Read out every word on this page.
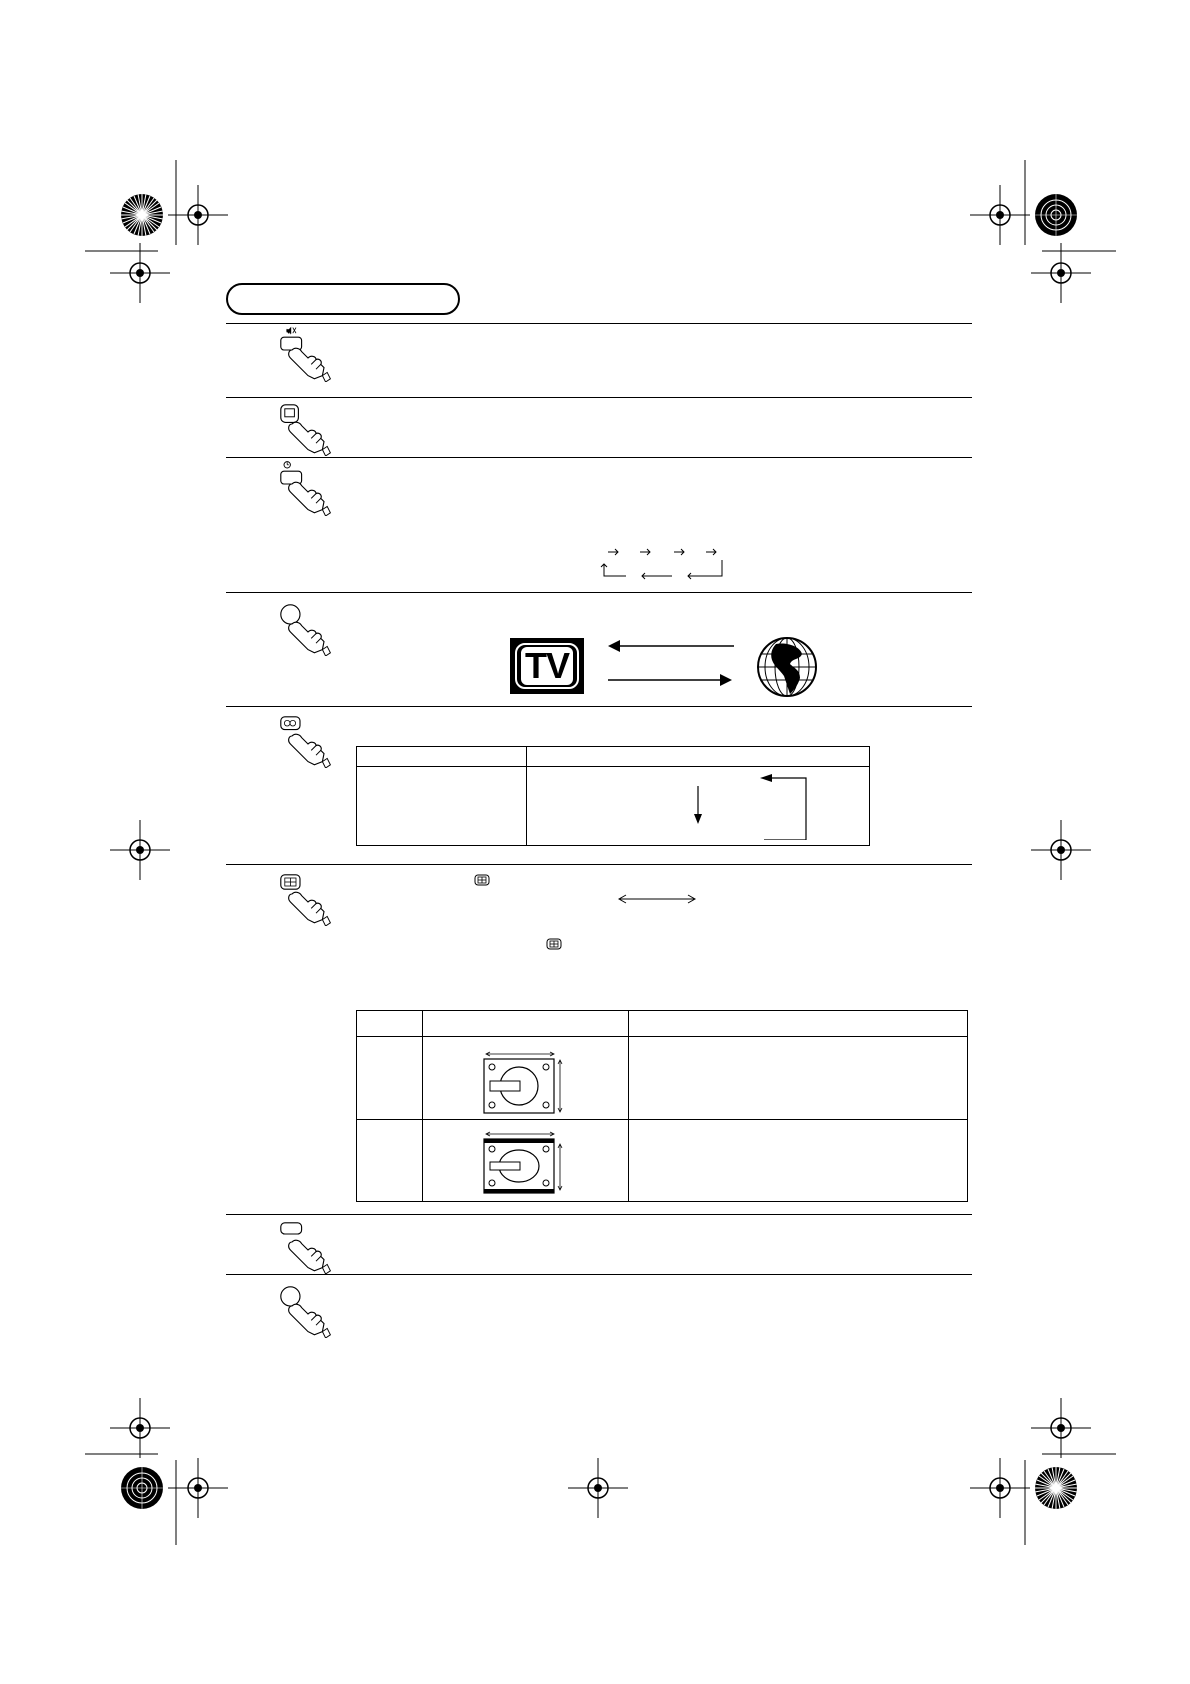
TV
